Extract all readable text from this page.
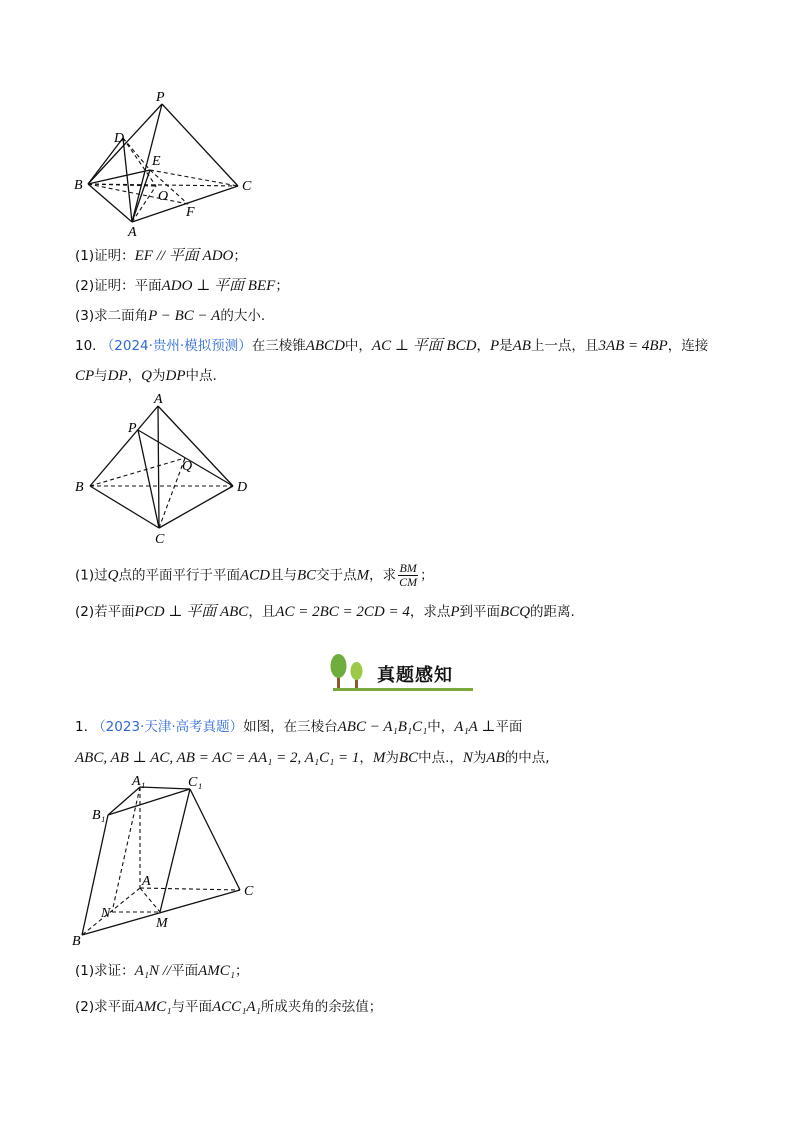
P
D
E
B	C
O
F
A
(1)证明：EF // 平面 ADO；
(2)证明：平面ADO ⊥ 平面 BEF；
(3)求二面角P − BC − A的大小.
10. （2024·贵州·模拟预测）在三棱锥ABCD中，AC ⊥ 平面 BCD，P是AB上一点，且3AB = 4BP，连接
CP与DP，Q为DP中点.
A
P
Q
B	D
C
(1)过Q点的平面平行于平面ACD且与BC交于点M，求 $\frac{BM}{CM}$ ；
(2)若平面PCD ⊥ 平面 ABC，且AC = 2BC = 2CD = 4，求点P到平面BCQ的距离.
真题感知
1. （2023·天津·高考真题）如图，在三棱台ABC − A₁B₁C₁中，A₁A ⊥平面
ABC, AB ⊥ AC, AB = AC = AA₁ = 2, A₁C₁ = 1，M为BC中点.，N为AB的中点,
A₁	C₁
B₁
A
C
N
M
B
(1)求证：A₁N //平面AMC₁；
(2)求平面AMC₁与平面ACC₁A₁所成夹角的余弦值；
